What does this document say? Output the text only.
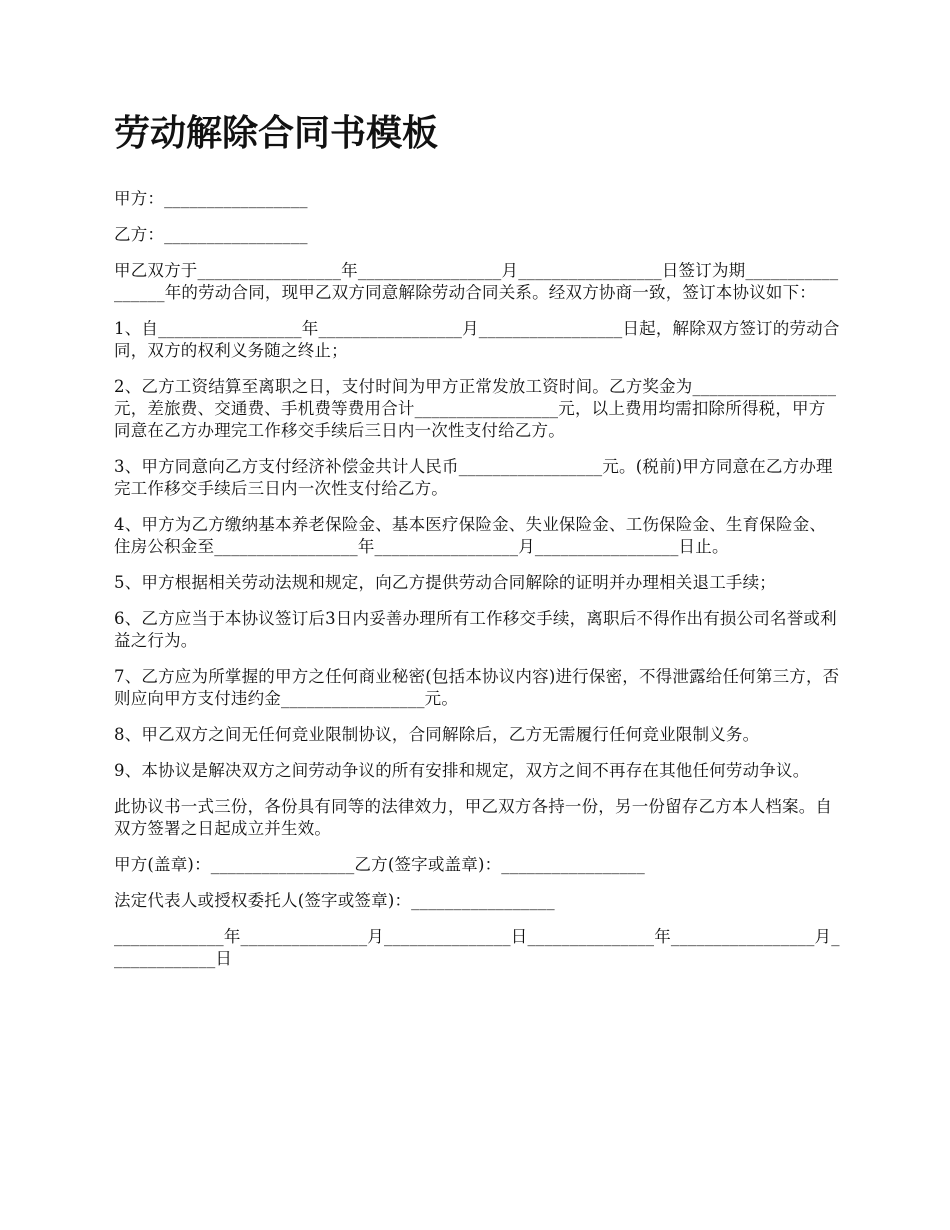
劳动解除合同书模板

甲方：_________________

乙方：_________________

甲乙双方于_________________年_________________月_________________日签订为期_________________年的劳动合同，现甲乙双方同意解除劳动合同关系。经双方协商一致，签订本协议如下：

1、自_________________年_________________月_________________日起，解除双方签订的劳动合同，双方的权利义务随之终止；

2、乙方工资结算至离职之日，支付时间为甲方正常发放工资时间。乙方奖金为_________________元，差旅费、交通费、手机费等费用合计_________________元，以上费用均需扣除所得税，甲方同意在乙方办理完工作移交手续后三日内一次性支付给乙方。

3、甲方同意向乙方支付经济补偿金共计人民币_________________元。(税前)甲方同意在乙方办理完工作移交手续后三日内一次性支付给乙方。

4、甲方为乙方缴纳基本养老保险金、基本医疗保险金、失业保险金、工伤保险金、生育保险金、住房公积金至_________________年_________________月_________________日止。

5、甲方根据相关劳动法规和规定，向乙方提供劳动合同解除的证明并办理相关退工手续；

6、乙方应当于本协议签订后3日内妥善办理所有工作移交手续，离职后不得作出有损公司名誉或利益之行为。

7、乙方应为所掌握的甲方之任何商业秘密(包括本协议内容)进行保密，不得泄露给任何第三方，否则应向甲方支付违约金_________________元。

8、甲乙双方之间无任何竞业限制协议，合同解除后，乙方无需履行任何竞业限制义务。

9、本协议是解决双方之间劳动争议的所有安排和规定，双方之间不再存在其他任何劳动争议。

此协议书一式三份，各份具有同等的法律效力，甲乙双方各持一份，另一份留存乙方本人档案。自双方签署之日起成立并生效。

甲方(盖章)：_________________乙方(签字或盖章)：_________________

法定代表人或授权委托人(签字或签章)：_________________

_____________年_______________月_______________日_______________年_________________月_____________日
